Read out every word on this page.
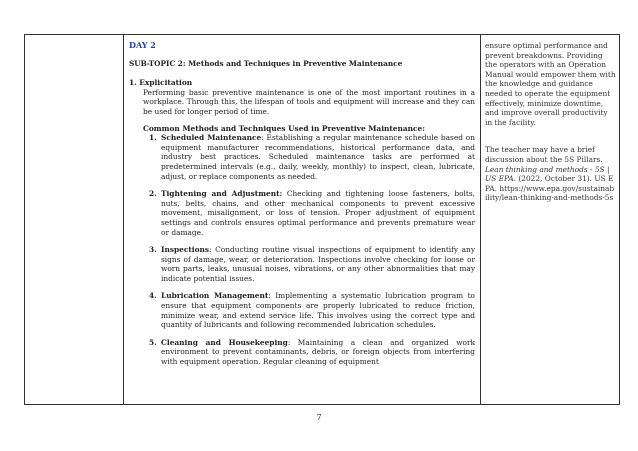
DAY 2

SUB-TOPIC 2: Methods and Techniques in Preventive Maintenance

1. Explicitation

Performing basic preventive maintenance is one of the most important routines in a workplace. Through this, the lifespan of tools and equipment will increase and they can be used for longer period of time.

Common Methods and Techniques Used in Preventive Maintenance:

1. Scheduled Maintenance: Establishing a regular maintenance schedule based on equipment manufacturer recommendations, historical performance data, and industry best practices. Scheduled maintenance tasks are performed at predetermined intervals (e.g., daily, weekly, monthly) to inspect, clean, lubricate, adjust, or replace components as needed.
2. Tightening and Adjustment: Checking and tightening loose fasteners, bolts, nuts, belts, chains, and other mechanical components to prevent excessive movement, misalignment, or loss of tension. Proper adjustment of equipment settings and controls ensures optimal performance and prevents premature wear or damage.
3. Inspections: Conducting routine visual inspections of equipment to identify any signs of damage, wear, or deterioration. Inspections involve checking for loose or worn parts, leaks, unusual noises, vibrations, or any other abnormalities that may indicate potential issues.
4. Lubrication Management: Implementing a systematic lubrication program to ensure that equipment components are properly lubricated to reduce friction, minimize wear, and extend service life. This involves using the correct type and quantity of lubricants and following recommended lubrication schedules.
5. Cleaning and Housekeeping: Maintaining a clean and organized work environment to prevent contaminants, debris, or foreign objects from interfering with equipment operation. Regular cleaning of equipment

ensure optimal performance and prevent breakdowns. Providing the operators with an Operation Manual would empower them with the knowledge and guidance needed to operate the equipment effectively, minimize downtime, and improve overall productivity in the facility.

The teacher may have a brief discussion about the 5S Pillars. Lean thinking and methods - 5S | US EPA. (2022, October 31). US EPA. https://www.epa.gov/sustainability/lean-thinking-and-methods-5s

7
